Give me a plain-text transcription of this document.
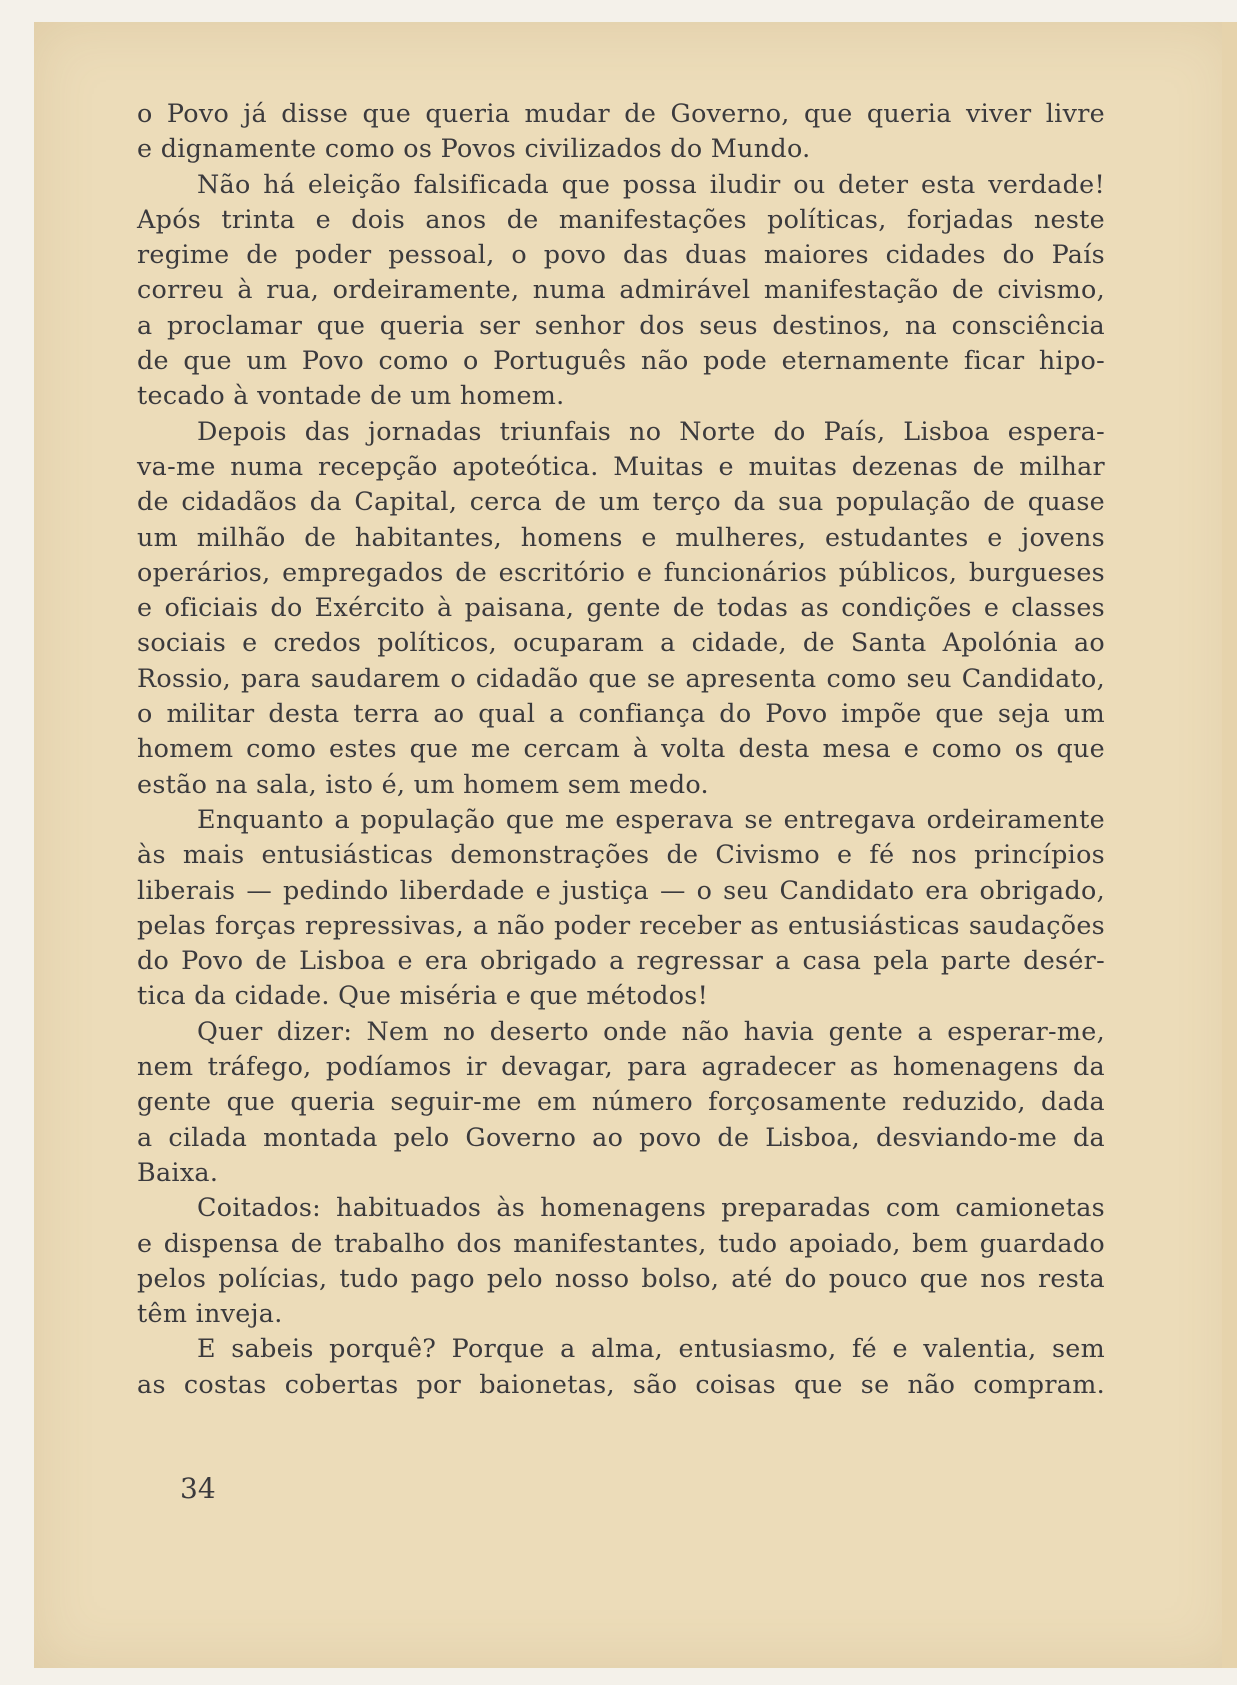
o Povo já disse que queria mudar de Governo, que queria viver livre

e dignamente como os Povos civilizados do Mundo.

Não há eleição falsificada que possa iludir ou deter esta verdade!

Após trinta e dois anos de manifestações políticas, forjadas neste

regime de poder pessoal, o povo das duas maiores cidades do País

correu à rua, ordeiramente, numa admirável manifestação de civismo,

a proclamar que queria ser senhor dos seus destinos, na consciência

de que um Povo como o Português não pode eternamente ficar hipo-

tecado à vontade de um homem.

Depois das jornadas triunfais no Norte do País, Lisboa espera-

va-me numa recepção apoteótica. Muitas e muitas dezenas de milhar

de cidadãos da Capital, cerca de um terço da sua população de quase

um milhão de habitantes, homens e mulheres, estudantes e jovens

operários, empregados de escritório e funcionários públicos, burgueses

e oficiais do Exército à paisana, gente de todas as condições e classes

sociais e credos políticos, ocuparam a cidade, de Santa Apolónia ao

Rossio, para saudarem o cidadão que se apresenta como seu Candidato,

o militar desta terra ao qual a confiança do Povo impõe que seja um

homem como estes que me cercam à volta desta mesa e como os que

estão na sala, isto é, um homem sem medo.

Enquanto a população que me esperava se entregava ordeiramente

às mais entusiásticas demonstrações de Civismo e fé nos princípios

liberais — pedindo liberdade e justiça — o seu Candidato era obrigado,

pelas forças repressivas, a não poder receber as entusiásticas saudações

do Povo de Lisboa e era obrigado a regressar a casa pela parte desér-

tica da cidade. Que miséria e que métodos!

Quer dizer: Nem no deserto onde não havia gente a esperar-me,

nem tráfego, podíamos ir devagar, para agradecer as homenagens da

gente que queria seguir-me em número forçosamente reduzido, dada

a cilada montada pelo Governo ao povo de Lisboa, desviando-me da

Baixa.

Coitados: habituados às homenagens preparadas com camionetas

e dispensa de trabalho dos manifestantes, tudo apoiado, bem guardado

pelos polícias, tudo pago pelo nosso bolso, até do pouco que nos resta

têm inveja.

E sabeis porquê? Porque a alma, entusiasmo, fé e valentia, sem

as costas cobertas por baionetas, são coisas que se não compram.

34
